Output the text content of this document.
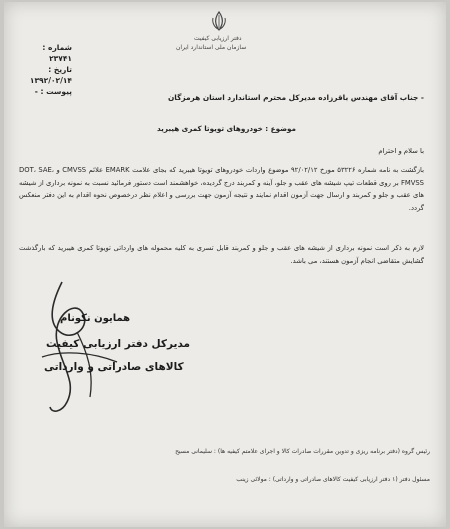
دفتر ارزیابی کیفیت
سازمان ملی استاندارد ایران
شماره : ۲۳۷۴۱
تاریخ : ۱۳۹۲/۰۲/۱۴
پیوست : -
- جناب آقای مهندس باقرزاده مدیرکل محترم استاندارد استان هرمزگان
موضوع : خودروهای تویوتا کمری هیبرید
با سلام و احترام
بازگشت به نامه شماره ۵۳۲۲۶ مورخ ۹۲/۰۲/۱۲ موضوع واردات خودروهای تویوتا هیبرید که بجای علامت EMARK علائم CMVSS و DOT، SAE، FMVSS بر روی قطعات تیپ شیشه های عقب و جلو، آینه و کمربند درج گردیده، خواهشمند است دستور فرمائید نسبت به نمونه برداری از شیشه های عقب و جلو و کمربند و ارسال جهت آزمون اقدام نمایند و نتیجه آزمون جهت بررسی و اعلام نظر درخصوص نحوه اقدام به این دفتر منعکس گردد.
لازم به ذکر است نمونه برداری از شیشه های عقب و جلو و کمربند قابل تسری به کلیه محموله های وارداتی تویوتا کمری هیبرید که بارگذشت گشایش متقاضی انجام آزمون هستند، می باشد.
همایون نکونام
مدیرکل دفتر ارزیابی کیفیت
کالاهای صادراتی و وارداتی
رئیس گروه (دفتر برنامه ریزی و تدوین مقررات صادرات کالا و اجرای علامتم کیفیه ها) : سلیمانی مسیح
مسئول دفتر (۱ دفتر ارزیابی کیفیت کالاهای صادراتی و وارداتی) : مولائی زینب
